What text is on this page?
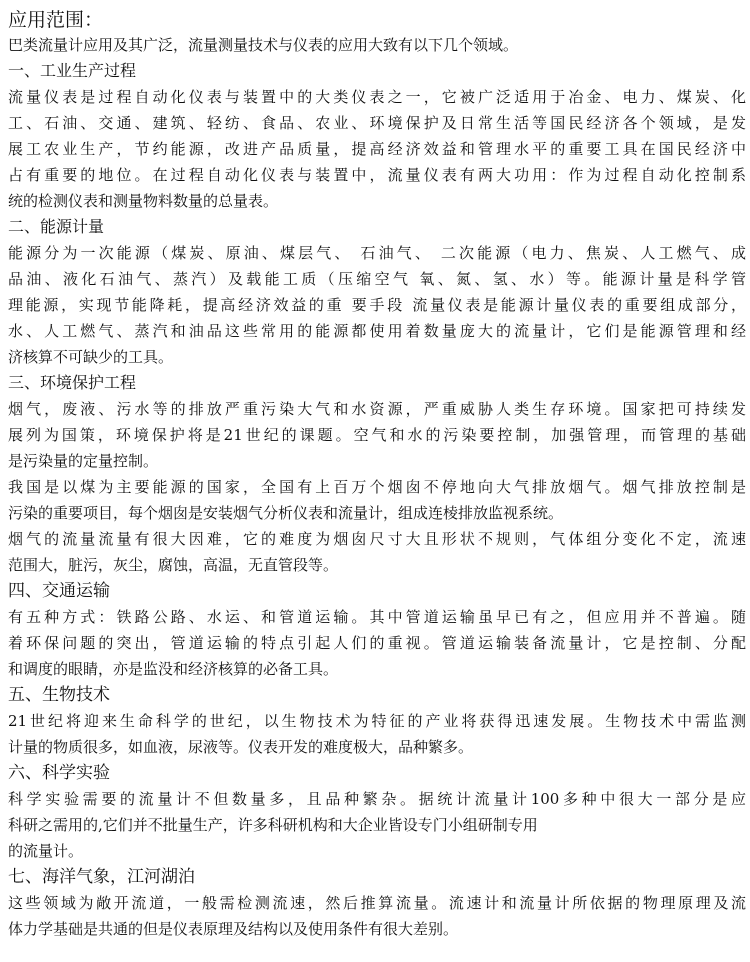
应用范围：
巴类流量计应用及其广泛，流量测量技术与仪表的应用大致有以下几个领域。
一、工业生产过程
流量仪表是过程自动化仪表与装置中的大类仪表之一，它被广泛适用于冶金、电力、煤炭、化
工、石油、交通、建筑、轻纺、食品、农业、环境保护及日常生活等国民经济各个领域，是发
展工农业生产，节约能源，改进产品质量，提高经济效益和管理水平的重要工具在国民经济中
占有重要的地位。在过程自动化仪表与装置中，流量仪表有两大功用：作为过程自动化控制系
统的检测仪表和测量物料数量的总量表。
二、能源计量
能源分为一次能源（煤炭、原油、煤层气、 石油气、 二次能源（电力、焦炭、人工燃气、成
品油、液化石油气、蒸汽）及载能工质（压缩空气 氧、氮、氢、水）等。能源计量是科学管
理能源，实现节能降耗，提高经济效益的重 要手段 流量仪表是能源计量仪表的重要组成部分，
水、人工燃气、蒸汽和油品这些常用的能源都使用着数量庞大的流量计，它们是能源管理和经
济核算不可缺少的工具。
三、环境保护工程
烟气，废液、污水等的排放严重污染大气和水资源，严重威胁人类生存环境。国家把可持续发
展列为国策，环境保护将是21世纪的课题。空气和水的污染要控制，加强管理，而管理的基础
是污染量的定量控制。
我国是以煤为主要能源的国家，全国有上百万个烟囱不停地向大气排放烟气。烟气排放控制是
污染的重要项目，每个烟囱是安装烟气分析仪表和流量计，组成连棱排放监视系统。
烟气的流量流量有很大因难，它的难度为烟囱尺寸大且形状不规则，气体组分变化不定，流速
范围大，脏污，灰尘，腐蚀，高温，无直管段等。
四、交通运输
有五种方式：铁路公路、水运、和管道运输。其中管道运输虽早已有之，但应用并不普遍。随
着环保问题的突出，管道运输的特点引起人们的重视。管道运输装备流量计，它是控制、分配
和调度的眼睛，亦是监没和经济核算的必备工具。
五、生物技术
21世纪将迎来生命科学的世纪，以生物技术为特征的产业将获得迅速发展。生物技术中需监测
计量的物质很多，如血液，尿液等。仪表开发的难度极大，品种繁多。
六、科学实验
科学实验需要的流量计不但数量多，且品种繁杂。据统计流量计100多种中很大一部分是应
科研之需用的,它们并不批量生产，许多科研机构和大企业皆设专门小组研制专用
的流量计。
七、海洋气象，江河湖泊
这些领域为敞开流道，一般需检测流速，然后推算流量。流速计和流量计所依据的物理原理及流
体力学基础是共通的但是仪表原理及结构以及使用条件有很大差别。
